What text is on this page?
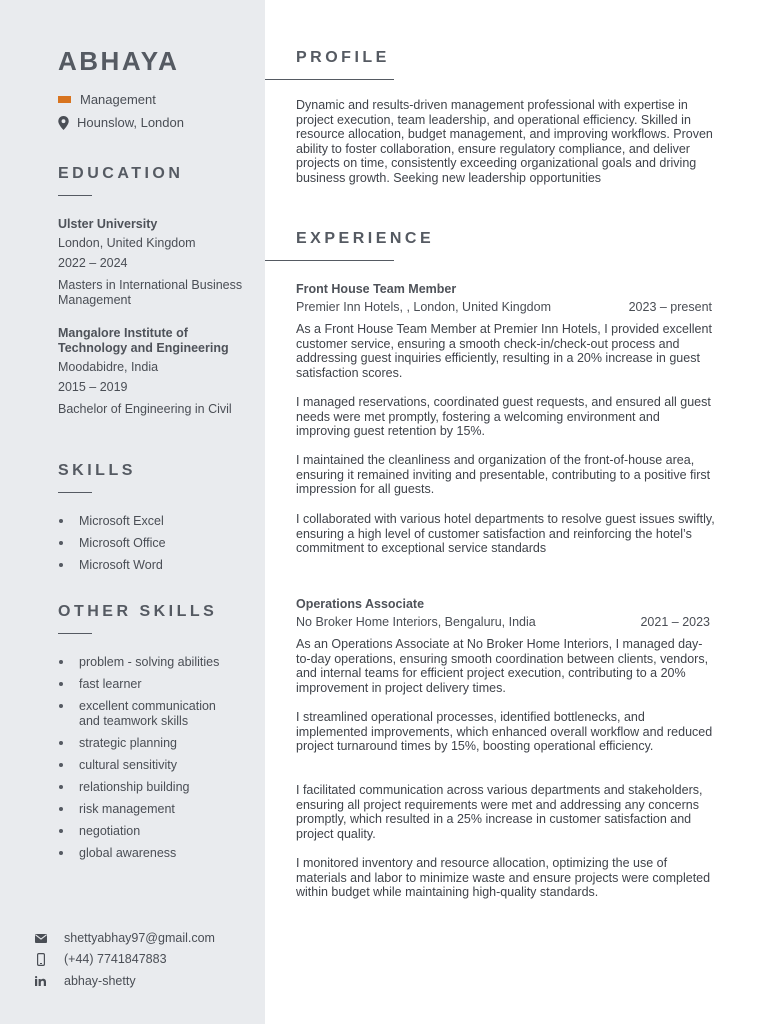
ABHAYA
Management
Hounslow, London
EDUCATION
Ulster University
London, United Kingdom
2022 – 2024
Masters in International Business Management
Mangalore Institute of Technology and Engineering
Moodabidre, India
2015 – 2019
Bachelor of Engineering in Civil
SKILLS
Microsoft Excel
Microsoft Office
Microsoft Word
OTHER SKILLS
problem - solving abilities
fast learner
excellent communication and teamwork skills
strategic planning
cultural sensitivity
relationship building
risk management
negotiation
global awareness
shettyabhay97@gmail.com
(+44) 7741847883
abhay-shetty
PROFILE
Dynamic and results-driven management professional with expertise in project execution, team leadership, and operational efficiency. Skilled in resource allocation, budget management, and improving workflows. Proven ability to foster collaboration, ensure regulatory compliance, and deliver projects on time, consistently exceeding organizational goals and driving business growth. Seeking new leadership opportunities
EXPERIENCE
Front House Team Member
Premier Inn Hotels, , London, United Kingdom	2023 – present
As a Front House Team Member at Premier Inn Hotels, I provided excellent customer service, ensuring a smooth check-in/check-out process and addressing guest inquiries efficiently, resulting in a 20% increase in guest satisfaction scores.
I managed reservations, coordinated guest requests, and ensured all guest needs were met promptly, fostering a welcoming environment and improving guest retention by 15%.
I maintained the cleanliness and organization of the front-of-house area, ensuring it remained inviting and presentable, contributing to a positive first impression for all guests.
I collaborated with various hotel departments to resolve guest issues swiftly, ensuring a high level of customer satisfaction and reinforcing the hotel’s commitment to exceptional service standards
Operations Associate
No Broker Home Interiors, Bengaluru, India	2021 – 2023
As an Operations Associate at No Broker Home Interiors, I managed day-to-day operations, ensuring smooth coordination between clients, vendors, and internal teams for efficient project execution, contributing to a 20% improvement in project delivery times.
I streamlined operational processes, identified bottlenecks, and implemented improvements, which enhanced overall workflow and reduced project turnaround times by 15%, boosting operational efficiency.
I facilitated communication across various departments and stakeholders, ensuring all project requirements were met and addressing any concerns promptly, which resulted in a 25% increase in customer satisfaction and project quality.
I monitored inventory and resource allocation, optimizing the use of materials and labor to minimize waste and ensure projects were completed within budget while maintaining high-quality standards.
